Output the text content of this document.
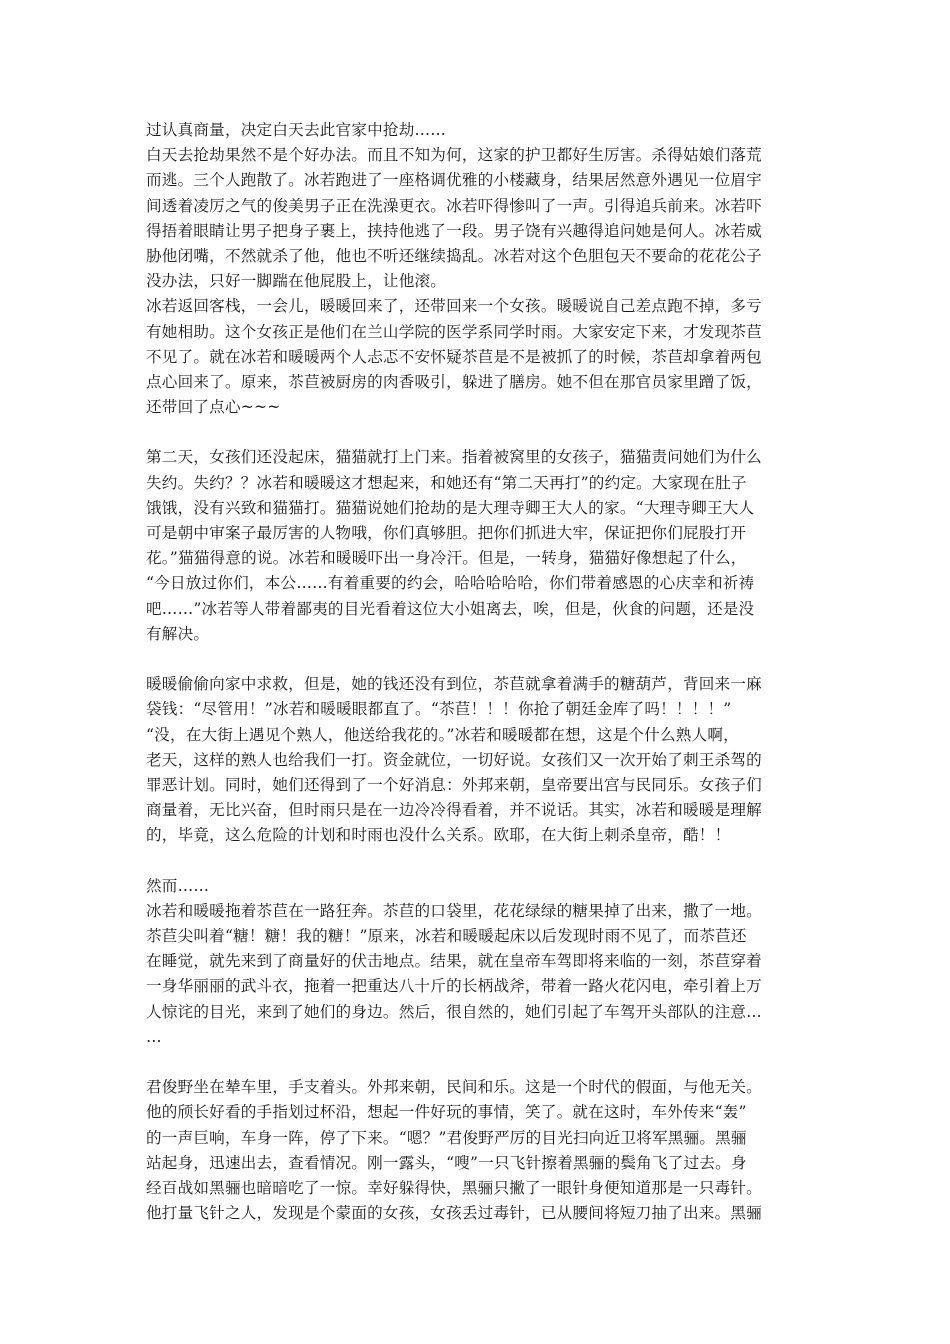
过认真商量，决定白天去此官家中抢劫……
白天去抢劫果然不是个好办法。而且不知为何，这家的护卫都好生厉害。杀得姑娘们落荒
而逃。三个人跑散了。冰若跑进了一座格调优雅的小楼藏身，结果居然意外遇见一位眉宇
间透着凌厉之气的俊美男子正在洗澡更衣。冰若吓得惨叫了一声。引得追兵前来。冰若吓
得捂着眼睛让男子把身子裹上，挟持他逃了一段。男子饶有兴趣得追问她是何人。冰若威
胁他闭嘴，不然就杀了他，他也不听还继续捣乱。冰若对这个色胆包天不要命的花花公子
没办法，只好一脚踹在他屁股上，让他滚。
冰若返回客栈，一会儿，暖暖回来了，还带回来一个女孩。暖暖说自己差点跑不掉，多亏
有她相助。这个女孩正是他们在兰山学院的医学系同学时雨。大家安定下来，才发现苶苣
不见了。就在冰若和暖暖两个人忐忑不安怀疑苶苣是不是被抓了的时候，苶苣却拿着两包
点心回来了。原来，苶苣被厨房的肉香吸引，躲进了膳房。她不但在那官员家里蹭了饭，
还带回了点心~~~
第二天，女孩们还没起床，猫猫就打上门来。指着被窝里的女孩子，猫猫责问她们为什么
失约。失约？？冰若和暖暖这才想起来，和她还有“第二天再打”的约定。大家现在肚子
饿饿，没有兴致和猫猫打。猫猫说她们抢劫的是大理寺卿王大人的家。“大理寺卿王大人
可是朝中审案子最厉害的人物哦，你们真够胆。把你们抓进大牢，保证把你们屁股打开
花。”猫猫得意的说。冰若和暖暖吓出一身冷汗。但是，一转身，猫猫好像想起了什么，
“今日放过你们，本公……有着重要的约会，哈哈哈哈哈，你们带着感恩的心庆幸和祈祷
吧……”冰若等人带着鄙夷的目光看着这位大小姐离去，唉，但是，伙食的问题，还是没
有解决。
暖暖偷偷向家中求救，但是，她的钱还没有到位，苶苣就拿着满手的糖葫芦，背回来一麻
袋钱：“尽管用！”冰若和暖暖眼都直了。“苶苣！！！你抢了朝廷金库了吗！！！！”
“没，在大街上遇见个熟人，他送给我花的。”冰若和暖暖都在想，这是个什么熟人啊，
老天，这样的熟人也给我们一打。资金就位，一切好说。女孩们又一次开始了刺王杀驾的
罪恶计划。同时，她们还得到了一个好消息：外邦来朝，皇帝要出宫与民同乐。女孩子们
商量着，无比兴奋，但时雨只是在一边冷冷得看着，并不说话。其实，冰若和暖暖是理解
的，毕竟，这么危险的计划和时雨也没什么关系。欧耶，在大街上刺杀皇帝，酷！！
然而……
冰若和暖暖拖着苶苣在一路狂奔。苶苣的口袋里，花花绿绿的糖果掉了出来，撒了一地。
苶苣尖叫着“糖！糖！我的糖！”原来，冰若和暖暖起床以后发现时雨不见了，而苶苣还
在睡觉，就先来到了商量好的伏击地点。结果，就在皇帝车驾即将来临的一刻，苶苣穿着
一身华丽丽的武斗衣，拖着一把重达八十斤的长柄战斧，带着一路火花闪电，牵引着上万
人惊诧的目光，来到了她们的身边。然后，很自然的，她们引起了车驾开头部队的注意…
…
君俊野坐在辇车里，手支着头。外邦来朝，民间和乐。这是一个时代的假面，与他无关。
他的颀长好看的手指划过杯沿，想起一件好玩的事情，笑了。就在这时，车外传来“轰”
的一声巨响，车身一阵，停了下来。“嗯？”君俊野严厉的目光扫向近卫将军黑骊。黑骊
站起身，迅速出去，查看情况。刚一露头，“嗖”一只飞针擦着黑骊的鬓角飞了过去。身
经百战如黑骊也暗暗吃了一惊。幸好躲得快，黑骊只撇了一眼针身便知道那是一只毒针。
他打量飞针之人，发现是个蒙面的女孩，女孩丢过毒针，已从腰间将短刀抽了出来。黑骊
